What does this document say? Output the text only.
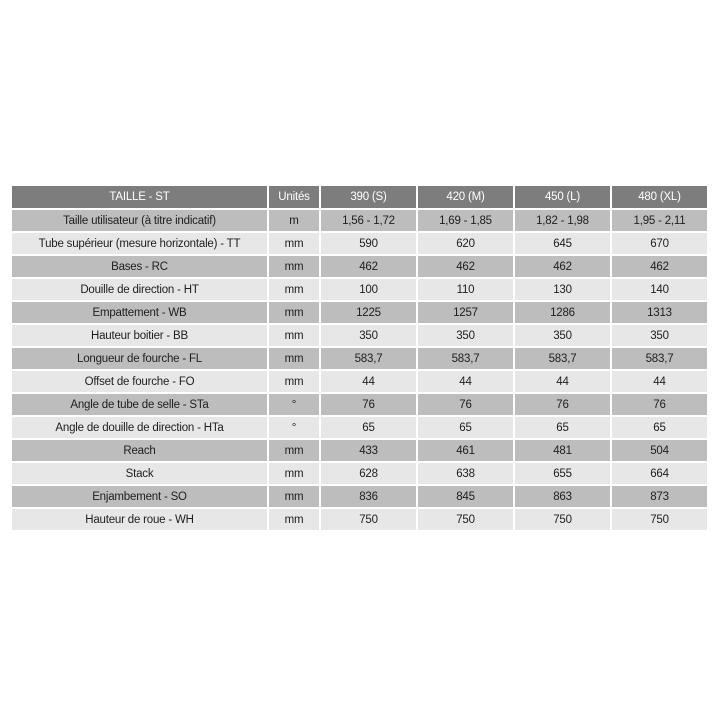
TAILLE - ST	Unités	390 (S)	420 (M)	450 (L)	480 (XL)
Taille utilisateur (à titre indicatif)	m	1,56 - 1,72	1,69 - 1,85	1,82 - 1,98	1,95 - 2,11
Tube supérieur (mesure horizontale) - TT	mm	590	620	645	670
Bases - RC	mm	462	462	462	462
Douille de direction - HT	mm	100	110	130	140
Empattement - WB	mm	1225	1257	1286	1313
Hauteur boitier - BB	mm	350	350	350	350
Longueur de fourche - FL	mm	583,7	583,7	583,7	583,7
Offset de fourche - FO	mm	44	44	44	44
Angle de tube de selle - STa	°	76	76	76	76
Angle de douille de direction - HTa	°	65	65	65	65
Reach	mm	433	461	481	504
Stack	mm	628	638	655	664
Enjambement - SO	mm	836	845	863	873
Hauteur de roue - WH	mm	750	750	750	750
